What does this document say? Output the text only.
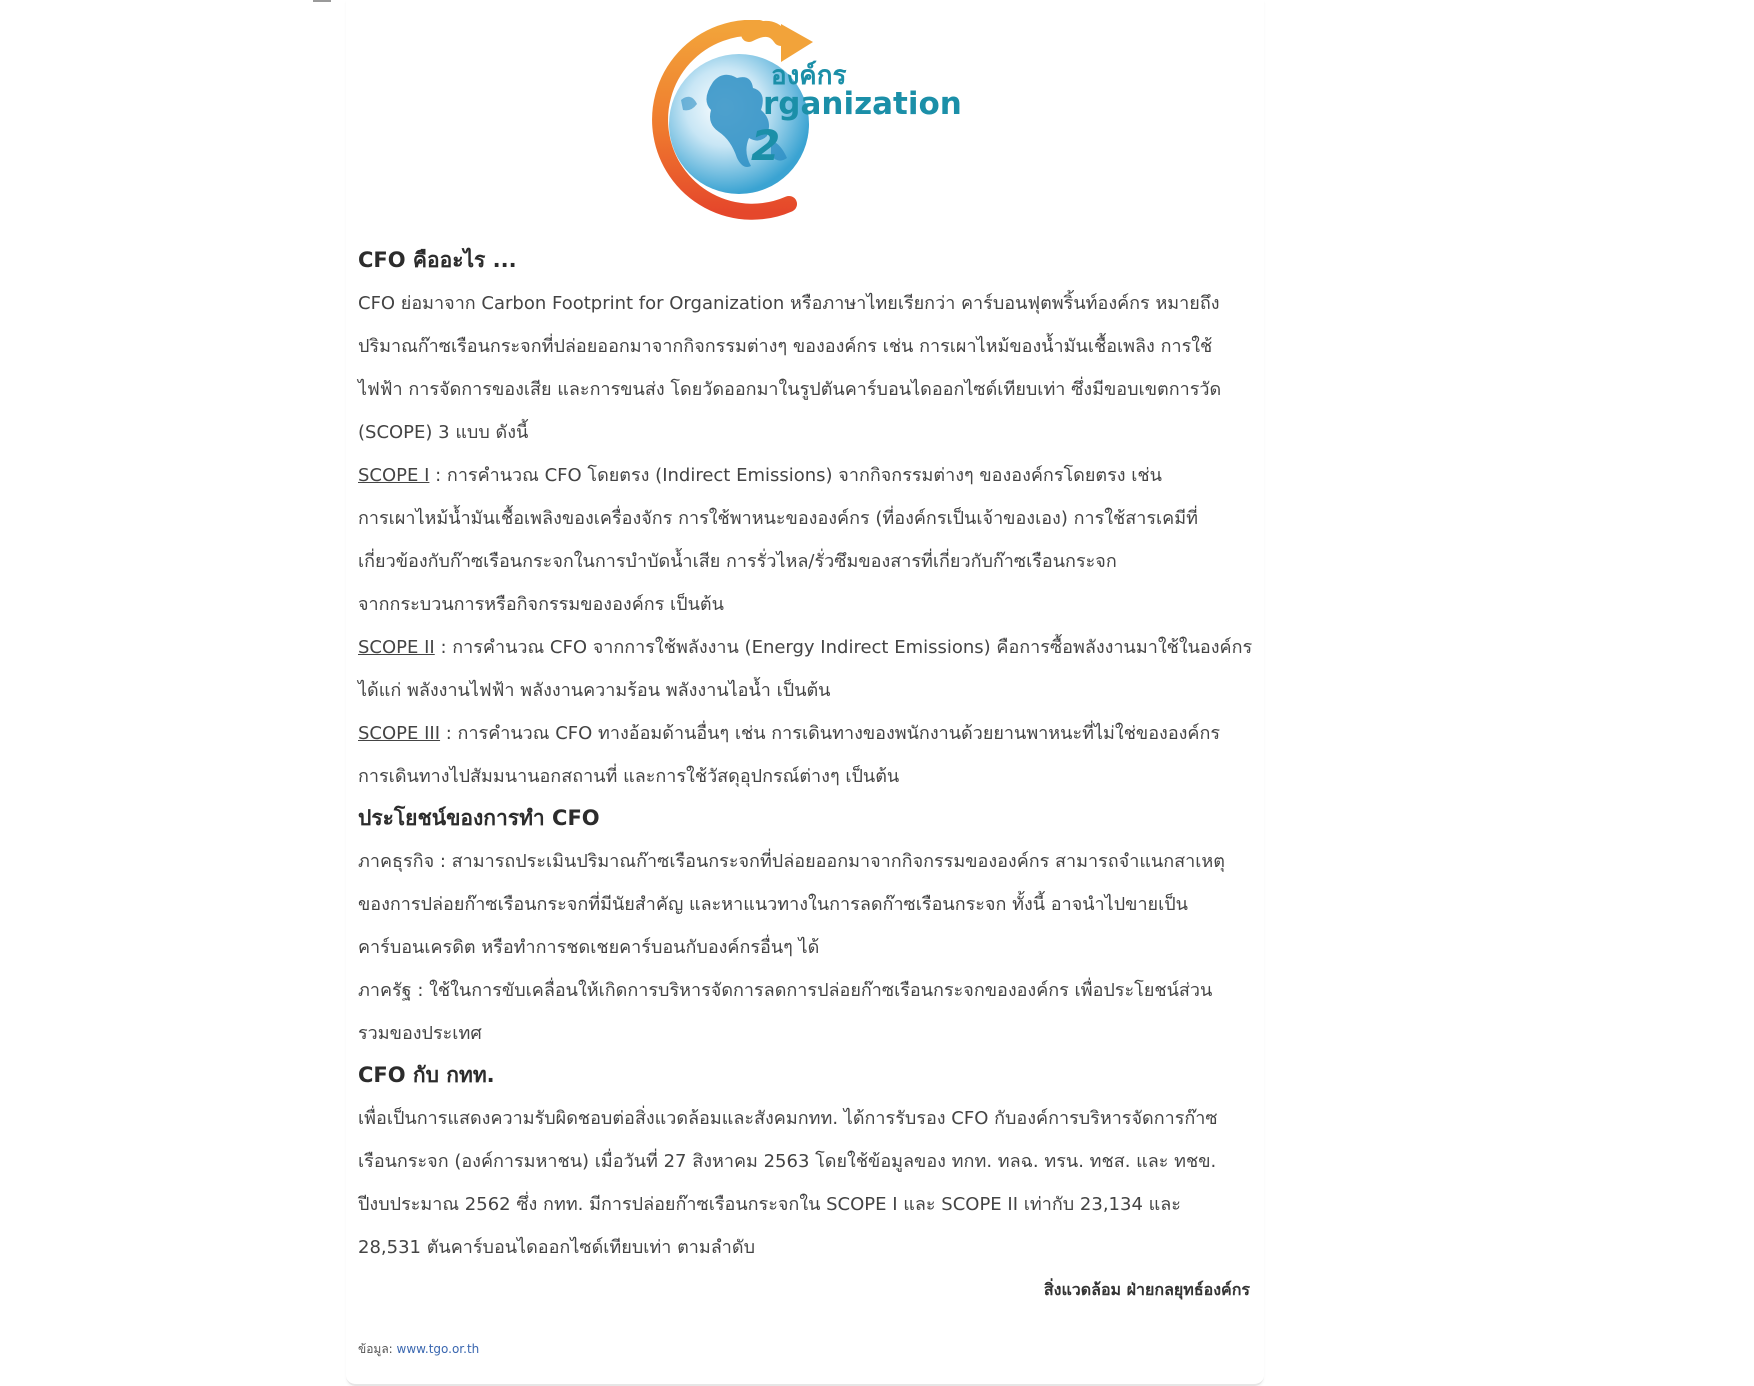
องค์กร
rganization
2
CFO คืออะไร ...

CFO ย่อมาจาก Carbon Footprint for Organization หรือภาษาไทยเรียกว่า คาร์บอนฟุตพริ้นท์องค์กร หมายถึง

ปริมาณก๊าซเรือนกระจกที่ปล่อยออกมาจากกิจกรรมต่างๆ ขององค์กร เช่น การเผาไหม้ของน้ำมันเชื้อเพลิง การใช้

ไฟฟ้า การจัดการของเสีย และการขนส่ง โดยวัดออกมาในรูปตันคาร์บอนไดออกไซด์เทียบเท่า ซึ่งมีขอบเขตการวัด

(SCOPE) 3 แบบ ดังนี้

SCOPE I : การคำนวณ CFO โดยตรง (Indirect Emissions) จากกิจกรรมต่างๆ ขององค์กรโดยตรง เช่น

การเผาไหม้น้ำมันเชื้อเพลิงของเครื่องจักร การใช้พาหนะขององค์กร (ที่องค์กรเป็นเจ้าของเอง) การใช้สารเคมีที่

เกี่ยวข้องกับก๊าซเรือนกระจกในการบำบัดน้ำเสีย การรั่วไหล/รั่วซึมของสารที่เกี่ยวกับก๊าซเรือนกระจก

จากกระบวนการหรือกิจกรรมขององค์กร เป็นต้น

SCOPE II : การคำนวณ CFO จากการใช้พลังงาน (Energy Indirect Emissions) คือการซื้อพลังงานมาใช้ในองค์กร

ได้แก่ พลังงานไฟฟ้า พลังงานความร้อน พลังงานไอน้ำ เป็นต้น

SCOPE III : การคำนวณ CFO ทางอ้อมด้านอื่นๆ เช่น การเดินทางของพนักงานด้วยยานพาหนะที่ไม่ใช่ขององค์กร

การเดินทางไปสัมมนานอกสถานที่ และการใช้วัสดุอุปกรณ์ต่างๆ เป็นต้น

ประโยชน์ของการทำ CFO

ภาคธุรกิจ : สามารถประเมินปริมาณก๊าซเรือนกระจกที่ปล่อยออกมาจากกิจกรรมขององค์กร สามารถจำแนกสาเหตุ

ของการปล่อยก๊าซเรือนกระจกที่มีนัยสำคัญ และหาแนวทางในการลดก๊าซเรือนกระจก ทั้งนี้ อาจนำไปขายเป็น

คาร์บอนเครดิต หรือทำการชดเชยคาร์บอนกับองค์กรอื่นๆ ได้

ภาครัฐ : ใช้ในการขับเคลื่อนให้เกิดการบริหารจัดการลดการปล่อยก๊าซเรือนกระจกขององค์กร เพื่อประโยชน์ส่วน

รวมของประเทศ

CFO กับ กทท.

เพื่อเป็นการแสดงความรับผิดชอบต่อสิ่งแวดล้อมและสังคมกทท. ได้การรับรอง CFO กับองค์การบริหารจัดการก๊าซ

เรือนกระจก (องค์การมหาชน) เมื่อวันที่ 27 สิงหาคม 2563 โดยใช้ข้อมูลของ ทกท. ทลฉ. ทรน. ทชส. และ ทชข.

ปีงบประมาณ 2562 ซึ่ง กทท. มีการปล่อยก๊าซเรือนกระจกใน SCOPE I และ SCOPE II เท่ากับ 23,134 และ

28,531 ตันคาร์บอนไดออกไซด์เทียบเท่า ตามลำดับ

สิ่งแวดล้อม ฝ่ายกลยุทธ์องค์กร
ข้อมูล: www.tgo.or.th
